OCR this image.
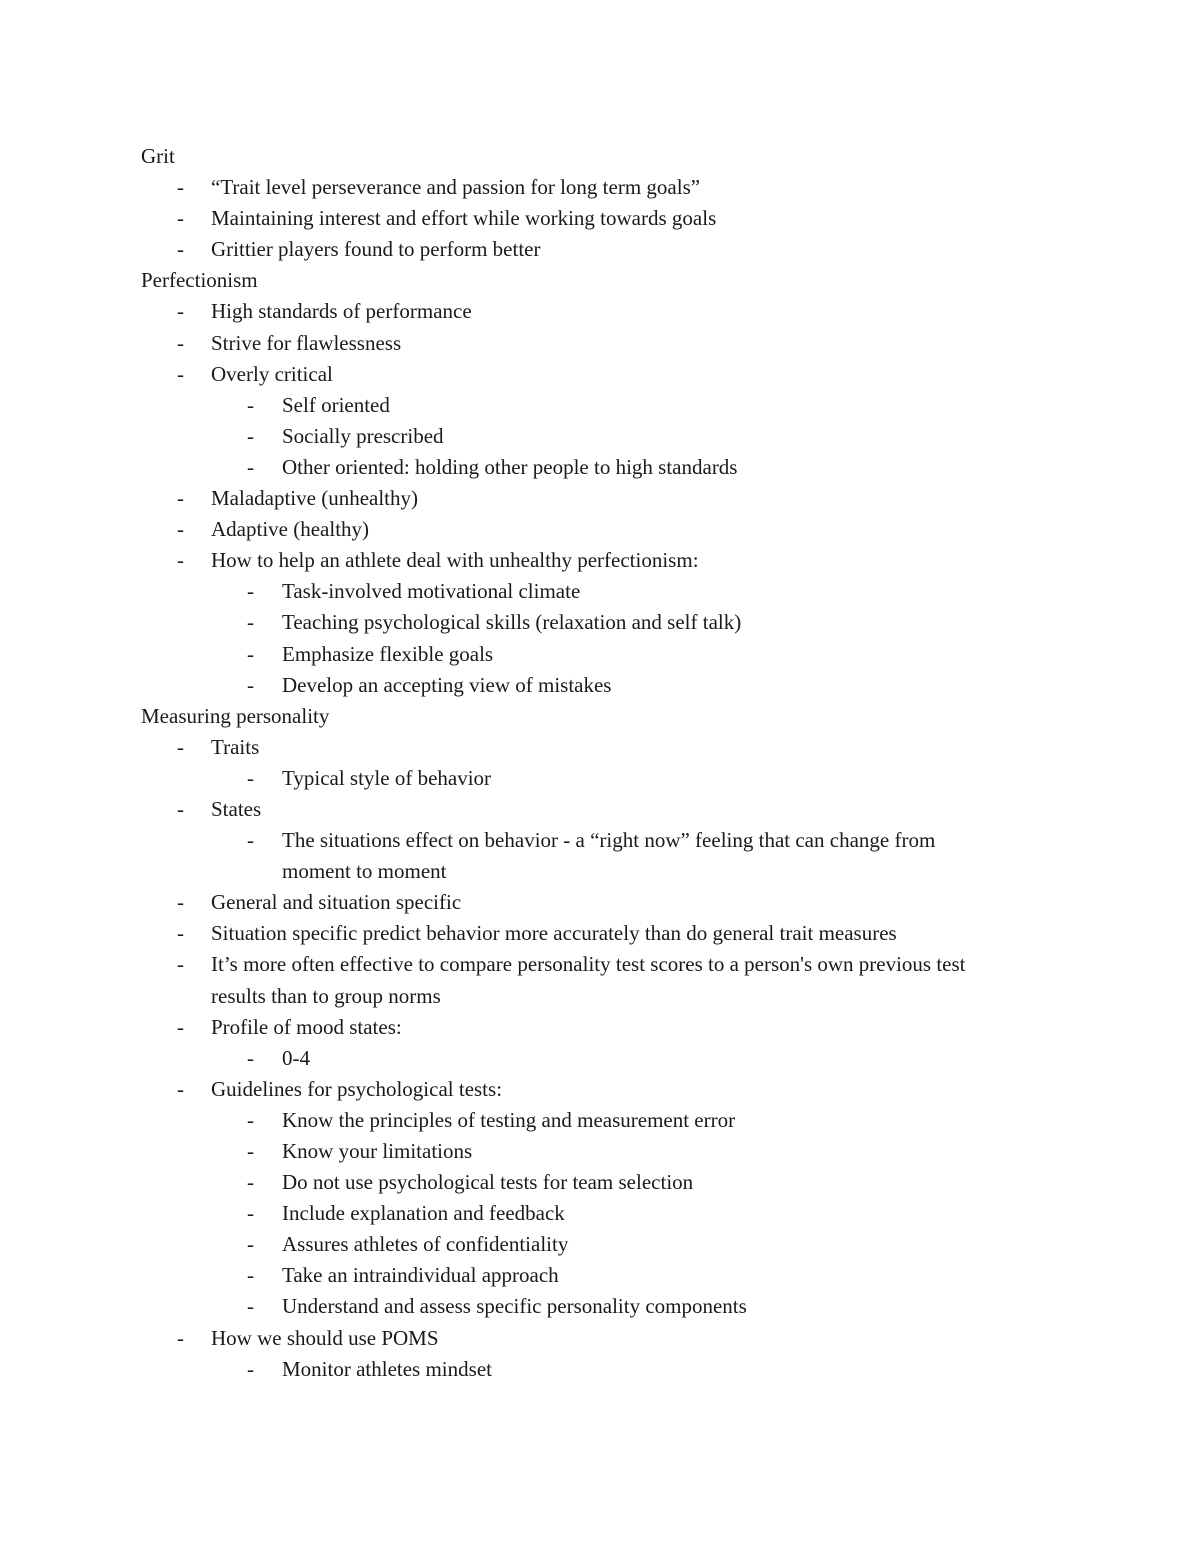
Grit
- “Trait level perseverance and passion for long term goals”
- Maintaining interest and effort while working towards goals
- Grittier players found to perform better
Perfectionism
- High standards of performance
- Strive for flawlessness
- Overly critical
- Self oriented
- Socially prescribed
- Other oriented: holding other people to high standards
- Maladaptive (unhealthy)
- Adaptive (healthy)
- How to help an athlete deal with unhealthy perfectionism:
- Task-involved motivational climate
- Teaching psychological skills (relaxation and self talk)
- Emphasize flexible goals
- Develop an accepting view of mistakes
Measuring personality
- Traits
- Typical style of behavior
- States
- The situations effect on behavior - a “right now” feeling that can change from
moment to moment
- General and situation specific
- Situation specific predict behavior more accurately than do general trait measures
- It’s more often effective to compare personality test scores to a person's own previous test
results than to group norms
- Profile of mood states:
- 0-4
- Guidelines for psychological tests:
- Know the principles of testing and measurement error
- Know your limitations
- Do not use psychological tests for team selection
- Include explanation and feedback
- Assures athletes of confidentiality
- Take an intraindividual approach
- Understand and assess specific personality components
- How we should use POMS
- Monitor athletes mindset
